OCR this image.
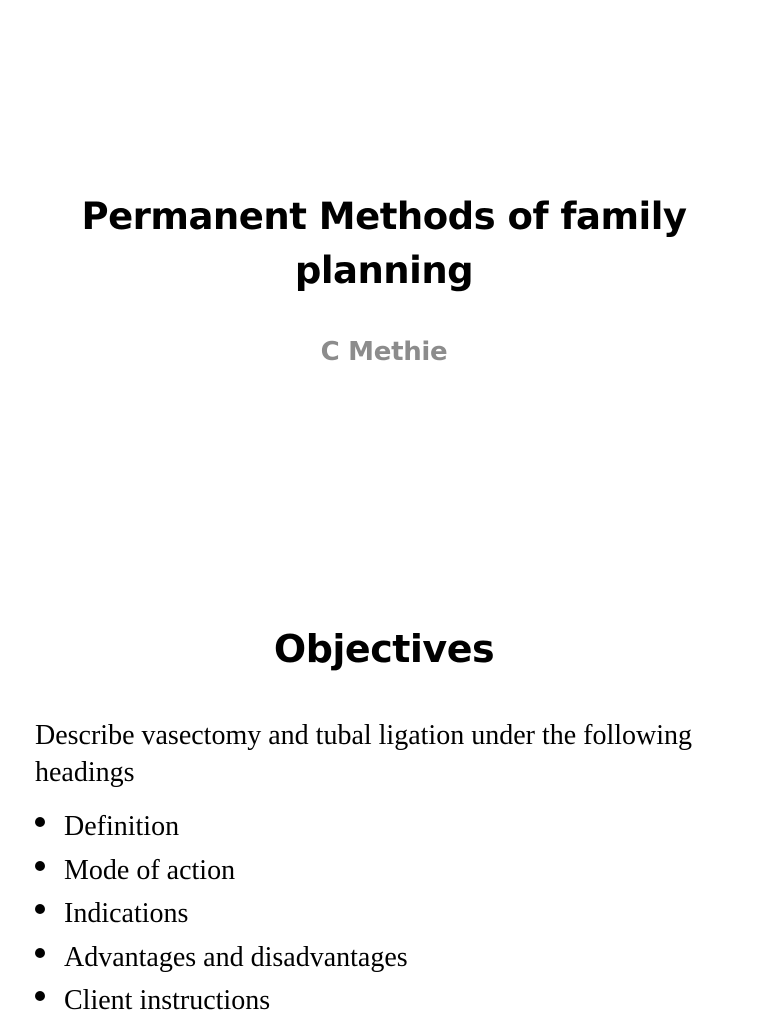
Permanent Methods of family planning

C Methie

Objectives

Describe vasectomy and tubal ligation under the following headings

Definition
Mode of action
Indications
Advantages and disadvantages
Client instructions
